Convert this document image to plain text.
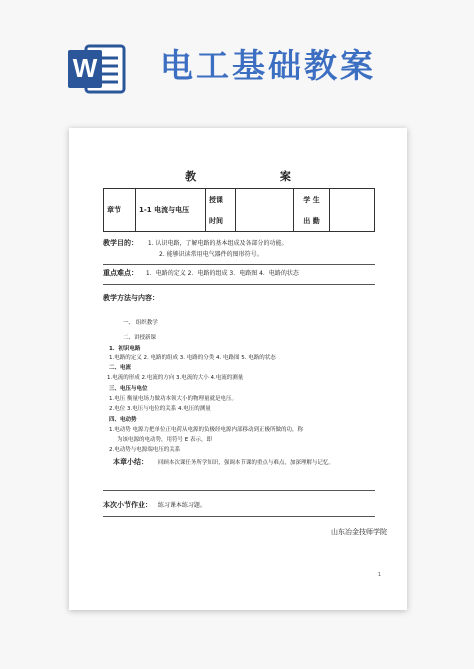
W 电工基础教案
教 案
章节	1-1 电流与电压	授课		学 生	
		时间		出 勤	
教学目的： 1. 认识电路，了解电路的基本组成及各部分的功能。
2. 能够识读常用电气器件的图形符号。
重点难点： 1．电路的定义 2．电路的组成 3．电路图 4．电路的状态
教学方法与内容：
一、 组织教学
二、讲授新课
1．初识电路
1.电路的定义 2. 电路的组成 3. 电路的分类 4. 电路图 5. 电路的状态
二、电流
1.电流的形成 2.电流的方向 3.电流的大小 4.电流的测量
三、电压与电位
1.电压 衡量电场力做功本领大小的物理量就是电压。
2.电位 3.电压与电位的关系 4.电压的测量
四、电动势
1.电动势 电源力把单位正电荷从电源的负极经电源内部移动到正极所做的功，称
为该电源的电动势，用符号 E 表示，即
2.电动势与电源端电压的关系
本章小结： 回顾本次课任务所学知识，强调本节课的重点与难点，加深理解与记忆。
本次小节作业： 练习课本练习题。
山东冶金技师学院
1
